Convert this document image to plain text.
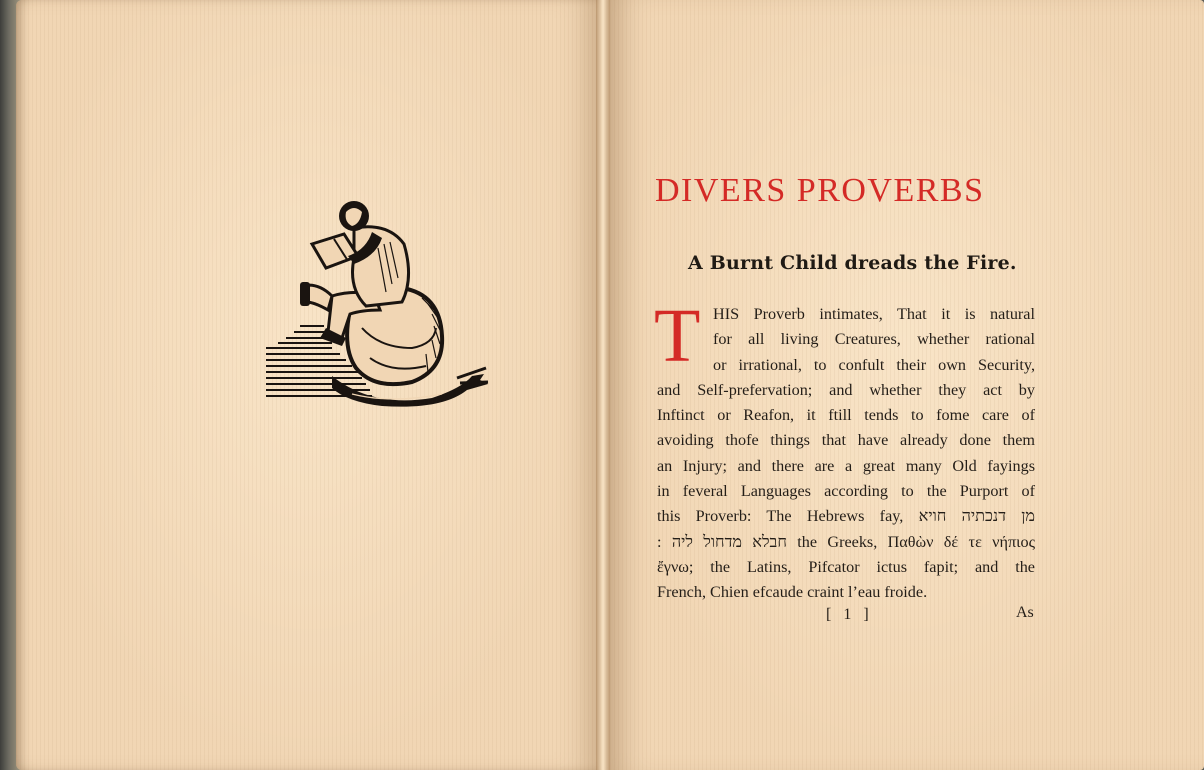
DIVERS PROVERBS
A Burnt Child dreads the Fire.
T HIS Proverb intimates, That it is natural
for all living Creatures, whether rational
or irrational, to confult their own Security,
and Self-prefervation; and whether they act by
Inftinct or Reafon, it ftill tends to fome care of
avoiding thofe things that have already done them
an Injury; and there are a great many Old fayings
in feveral Languages according to the Purport of
this Proverb: The Hebrews fay, מן דנכתיה חויא
: חבלא מדחול ליה the Greeks, Παθὼν δέ τε νήπιος
ἔγνω; the Latins, Pifcator ictus fapit; and the
French, Chien efcaude craint l’eau froide.
[ 1 ]	As
